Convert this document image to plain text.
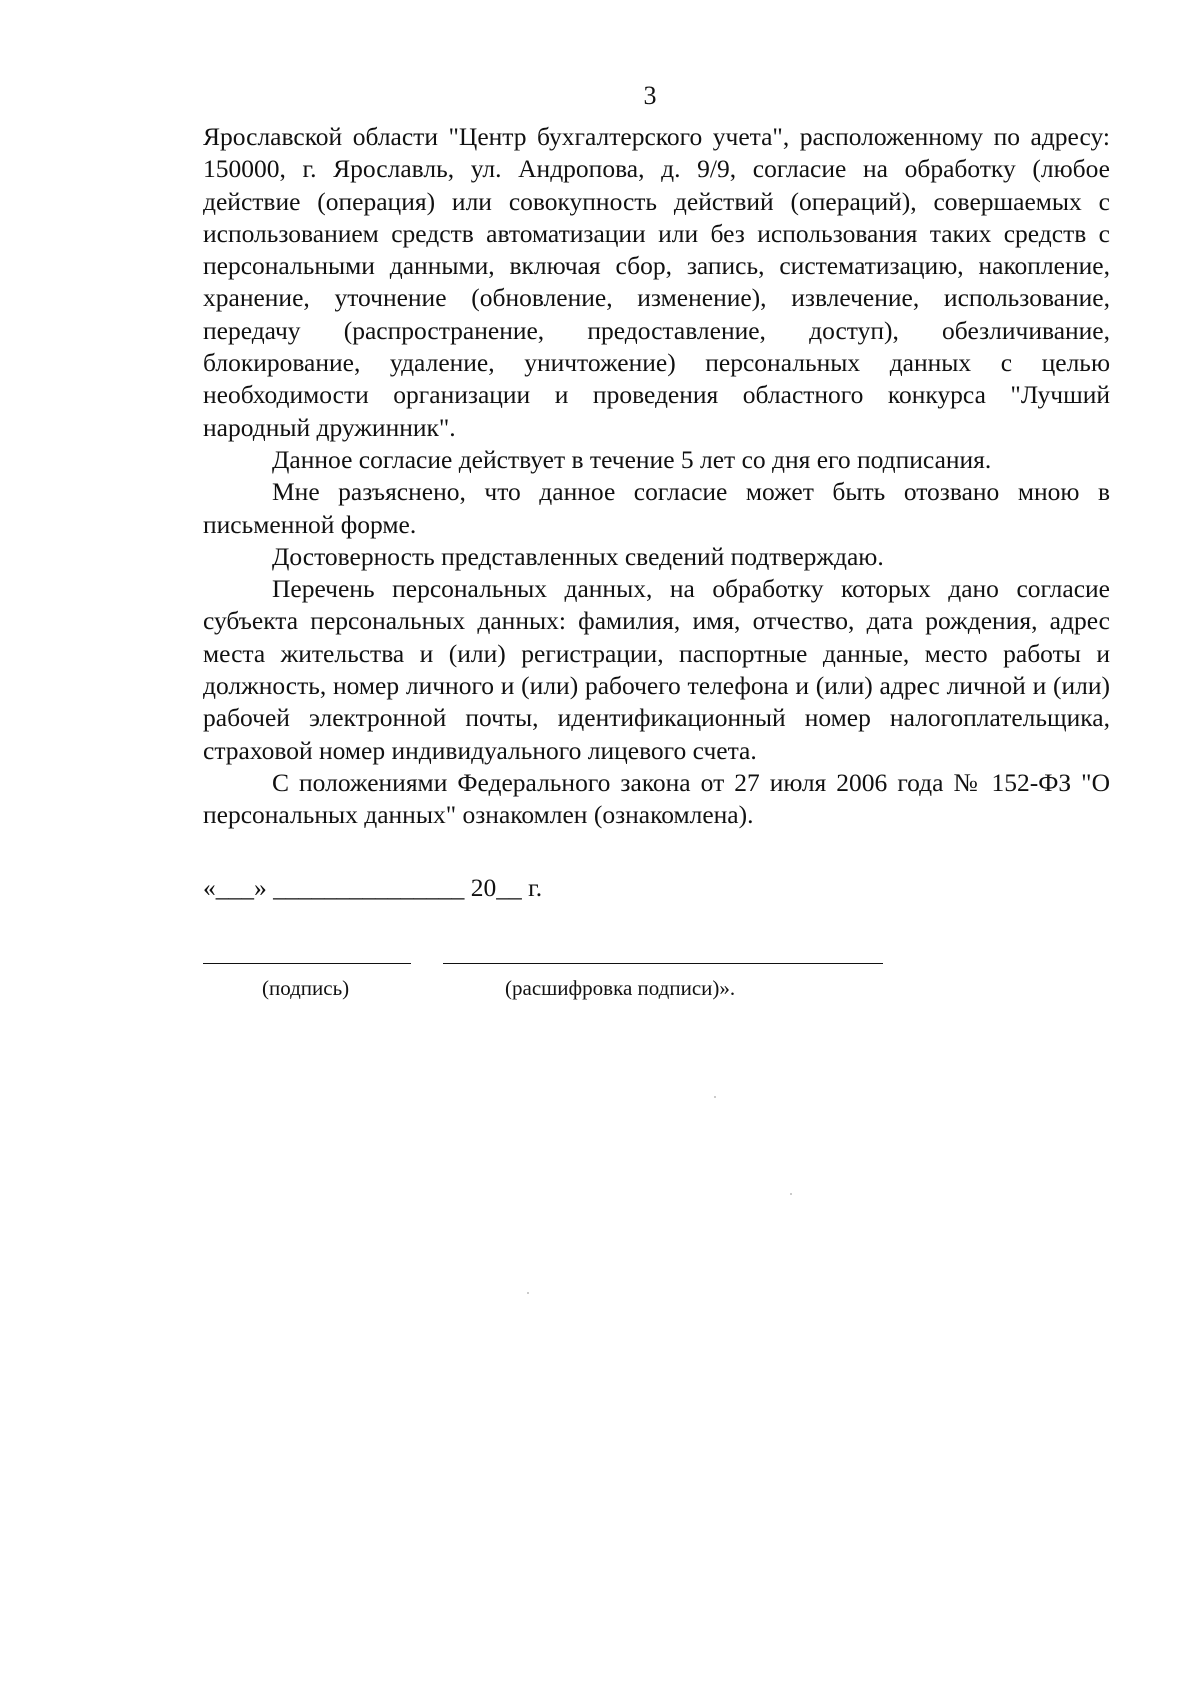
3

Ярославской области "Центр бухгалтерского учета", расположенному по адресу: 150000, г. Ярославль, ул. Андропова, д. 9/9, согласие на обработку (любое действие (операция) или совокупность действий (операций), совершаемых с использованием средств автоматизации или без использования таких средств с персональными данными, включая сбор, запись, систематизацию, накопление, хранение, уточнение (обновление, изменение), извлечение, использование, передачу (распространение, предоставление, доступ), обезличивание, блокирование, удаление, уничтожение) персональных данных с целью необходимости организации и проведения областного конкурса "Лучший народный дружинник".

Данное согласие действует в течение 5 лет со дня его подписания.

Мне разъяснено, что данное согласие может быть отозвано мною в письменной форме.

Достоверность представленных сведений подтверждаю.

Перечень персональных данных, на обработку которых дано согласие субъекта персональных данных: фамилия, имя, отчество, дата рождения, адрес места жительства и (или) регистрации, паспортные данные, место работы и должность, номер личного и (или) рабочего телефона и (или) адрес личной и (или) рабочей электронной почты, идентификационный номер налогоплательщика, страховой номер индивидуального лицевого счета.

С положениями Федерального закона от 27 июля 2006 года № 152-ФЗ "О персональных данных" ознакомлен (ознакомлена).

«___» _______________ 20__ г.
(подпись)	(расшифровка подписи)».
